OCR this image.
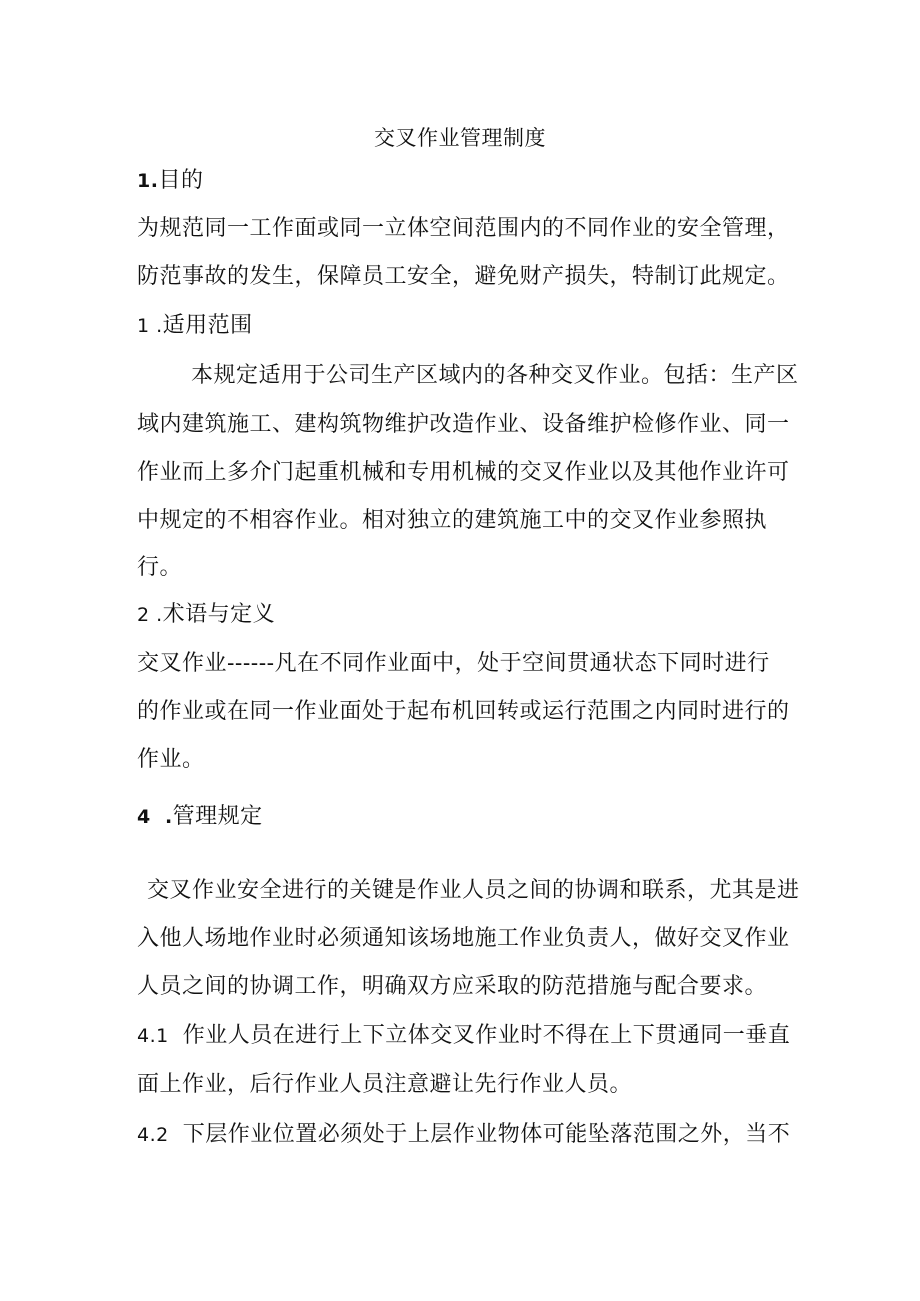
交叉作业管理制度
1.目的
为规范同一工作面或同一立体空间范围内的不同作业的安全管理，
防范事故的发生，保障员工安全，避免财产损失，特制订此规定。
1 .适用范围
本规定适用于公司生产区域内的各种交叉作业。包括：生产区
域内建筑施工、建构筑物维护改造作业、设备维护检修作业、同一
作业而上多介门起重机械和专用机械的交叉作业以及其他作业许可
中规定的不相容作业。相对独立的建筑施工中的交叉作业参照执
行。
2 .术语与定义
交叉作业------凡在不同作业面中，处于空间贯通状态下同时进行
的作业或在同一作业面处于起布机回转或运行范围之内同时进行的
作业。
4  .管理规定
交叉作业安全进行的关键是作业人员之间的协调和联系，尤其是进
入他人场地作业时必须通知该场地施工作业负责人，做好交叉作业
人员之间的协调工作，明确双方应采取的防范措施与配合要求。
4.1 作业人员在进行上下立体交叉作业时不得在上下贯通同一垂直
面上作业，后行作业人员注意避让先行作业人员。
4.2 下层作业位置必须处于上层作业物体可能坠落范围之外，当不
